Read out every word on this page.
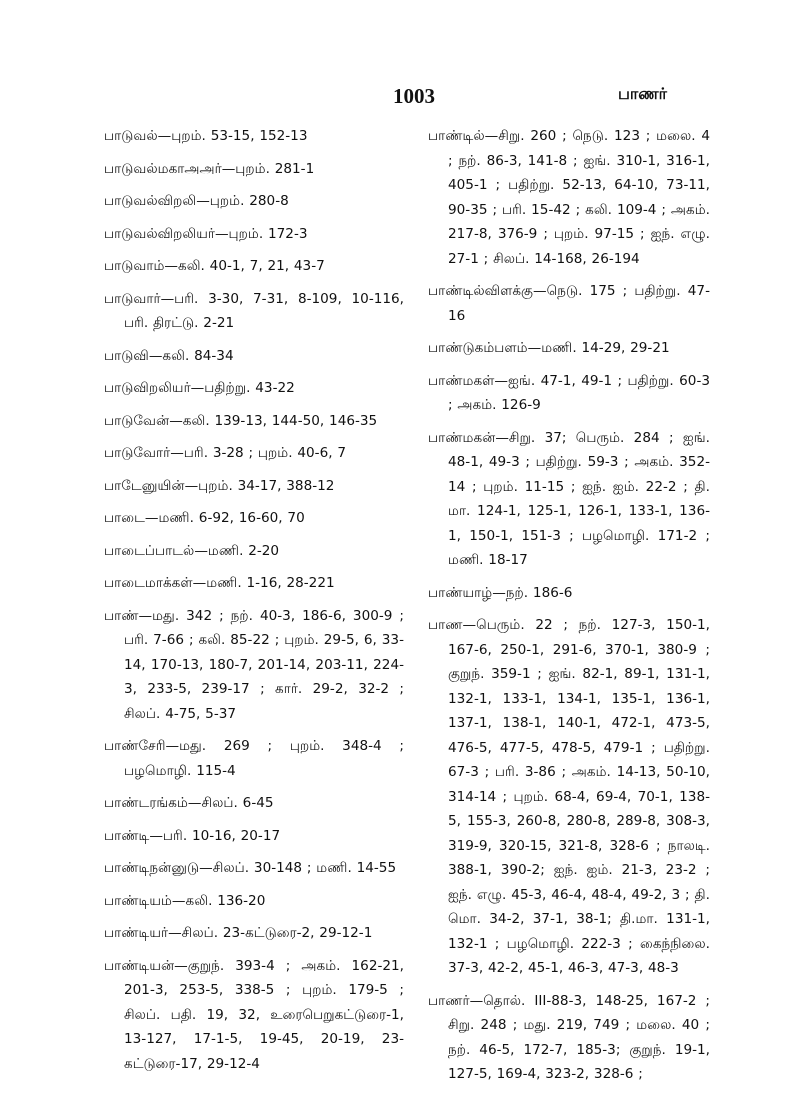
1003	பாணர்
பாடுவல்—புறம். 53-15, 152-13
பாடுவல்மகாஅஅர்—புறம். 281-1
பாடுவல்விறலி—புறம். 280-8
பாடுவல்விறலியர்—புறம். 172-3
பாடுவாம்—கலி. 40-1, 7, 21, 43-7
பாடுவார்—பரி. 3-30, 7-31, 8-109, 10-116, பரி. திரட்டு. 2-21
பாடுவி—கலி. 84-34
பாடுவிறலியர்—பதிற்று. 43-22
பாடுவேன்—கலி. 139-13, 144-50, 146-35
பாடுவோர்—பரி. 3-28 ; புறம். 40-6, 7
பாடேனுயின்—புறம். 34-17, 388-12
பாடை—மணி. 6-92, 16-60, 70
பாடைப்பாடல்—மணி. 2-20
பாடைமாக்கள்—மணி. 1-16, 28-221
பாண்—மது. 342 ; நற். 40-3, 186-6, 300-9 ; பரி. 7-66 ; கலி. 85-22 ; புறம். 29-5, 6, 33-14, 170-13, 180-7, 201-14, 203-11, 224-3, 233-5, 239-17 ; கார். 29-2, 32-2 ; சிலப். 4-75, 5-37
பாண்சேரி—மது. 269 ; புறம். 348-4 ; பழமொழி. 115-4
பாண்டரங்கம்—சிலப். 6-45
பாண்டி—பரி. 10-16, 20-17
பாண்டிநன்னுடு—சிலப். 30-148 ; மணி. 14-55
பாண்டியம்—கலி. 136-20
பாண்டியர்—சிலப். 23-கட்டுரை-2, 29-12-1
பாண்டியன்—குறுந். 393-4 ; அகம். 162-21, 201-3, 253-5, 338-5 ; புறம். 179-5 ; சிலப். பதி. 19, 32, உரைபெறுகட்டுரை-1, 13-127, 17-1-5, 19-45, 20-19, 23-கட்டுரை-17, 29-12-4
பாண்டில்—சிறு. 260 ; நெடு. 123 ; மலை. 4 ; நற். 86-3, 141-8 ; ஐங். 310-1, 316-1, 405-1 ; பதிற்று. 52-13, 64-10, 73-11, 90-35 ; பரி. 15-42 ; கலி. 109-4 ; அகம். 217-8, 376-9 ; புறம். 97-15 ; ஐந். எழு. 27-1 ; சிலப். 14-168, 26-194
பாண்டில்விளக்கு—நெடு. 175 ; பதிற்று. 47-16
பாண்டுகம்பளம்—மணி. 14-29, 29-21
பாண்மகள்—ஐங். 47-1, 49-1 ; பதிற்று. 60-3 ; அகம். 126-9
பாண்மகன்—சிறு. 37; பெரும். 284 ; ஐங். 48-1, 49-3 ; பதிற்று. 59-3 ; அகம். 352-14 ; புறம். 11-15 ; ஐந். ஐம். 22-2 ; தி. மா. 124-1, 125-1, 126-1, 133-1, 136-1, 150-1, 151-3 ; பழமொழி. 171-2 ; மணி. 18-17
பாண்யாழ்—நற். 186-6
பாண—பெரும். 22 ; நற். 127-3, 150-1, 167-6, 250-1, 291-6, 370-1, 380-9 ; குறுந். 359-1 ; ஐங். 82-1, 89-1, 131-1, 132-1, 133-1, 134-1, 135-1, 136-1, 137-1, 138-1, 140-1, 472-1, 473-5, 476-5, 477-5, 478-5, 479-1 ; பதிற்று. 67-3 ; பரி. 3-86 ; அகம். 14-13, 50-10, 314-14 ; புறம். 68-4, 69-4, 70-1, 138-5, 155-3, 260-8, 280-8, 289-8, 308-3, 319-9, 320-15, 321-8, 328-6 ; நாலடி. 388-1, 390-2; ஐந். ஐம். 21-3, 23-2 ; ஐந். எழு. 45-3, 46-4, 48-4, 49-2, 3 ; தி. மொ. 34-2, 37-1, 38-1; தி.மா. 131-1, 132-1 ; பழமொழி. 222-3 ; கைந்நிலை. 37-3, 42-2, 45-1, 46-3, 47-3, 48-3
பாணர்—தொல். III-88-3, 148-25, 167-2 ; சிறு. 248 ; மது. 219, 749 ; மலை. 40 ; நற். 46-5, 172-7, 185-3; குறுந். 19-1, 127-5, 169-4, 323-2, 328-6 ;
